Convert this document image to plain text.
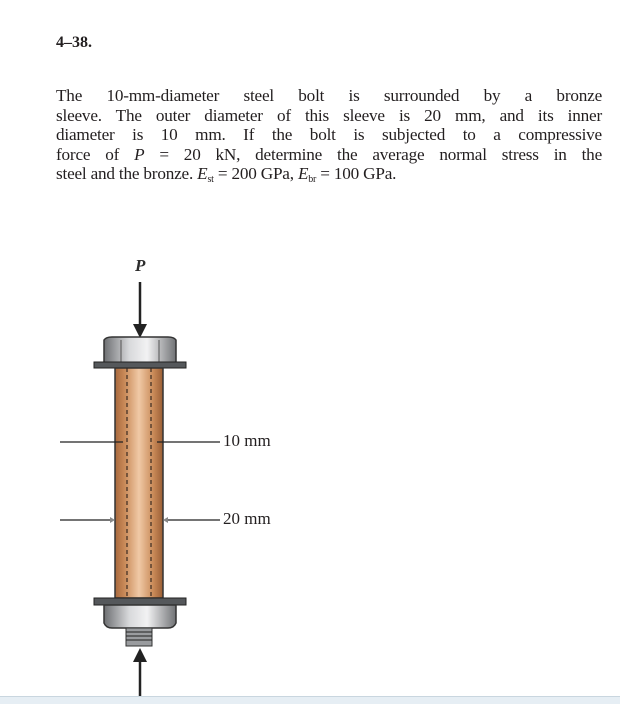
4–38.
The 10-mm-diameter steel bolt is surrounded by a bronze
sleeve. The outer diameter of this sleeve is 20 mm, and its inner
diameter is 10 mm. If the bolt is subjected to a compressive
force of P = 20 kN, determine the average normal stress in the
steel and the bronze. $E_{st} = 200$ GPa, $E_{br} = 100$ GPa.
P
10 mm
20 mm
